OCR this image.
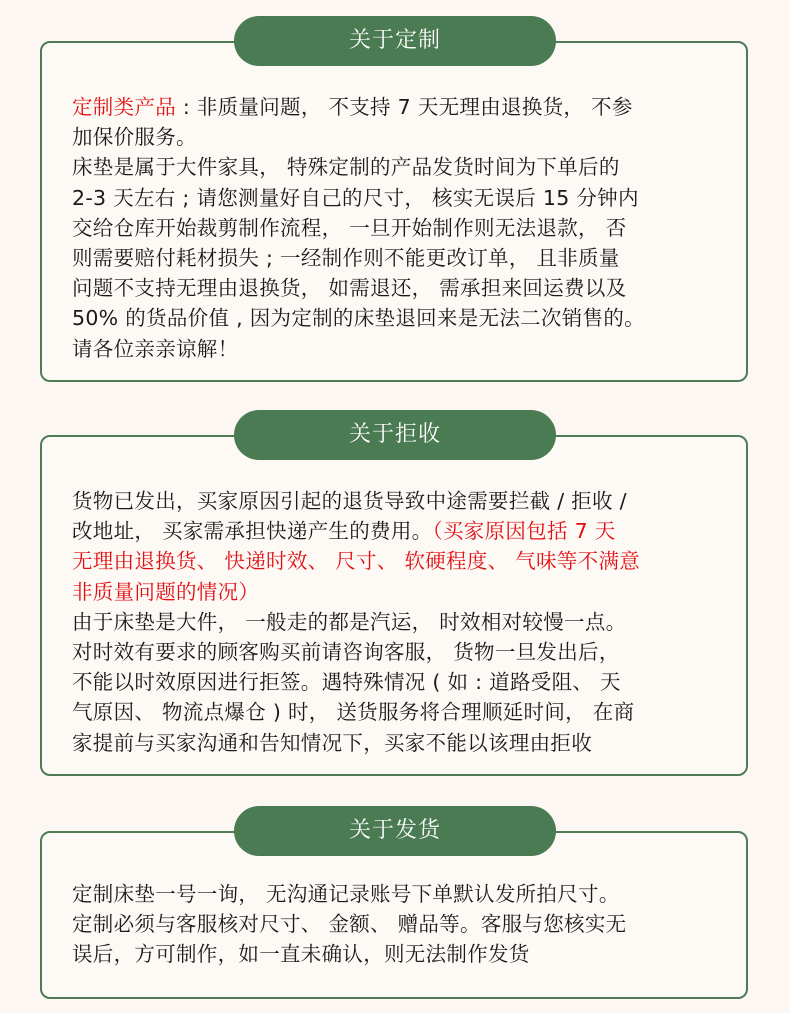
关于定制
定制类产品 : 非质量问题， 不支持 7 天无理由退换货， 不参
加保价服务。
床垫是属于大件家具， 特殊定制的产品发货时间为下单后的
2-3 天左右 ; 请您测量好自己的尺寸， 核实无误后 15 分钟内
交给仓库开始裁剪制作流程， 一旦开始制作则无法退款， 否
则需要赔付耗材损失 ; 一经制作则不能更改订单， 且非质量
问题不支持无理由退换货， 如需退还， 需承担来回运费以及
50% 的货品价值 , 因为定制的床垫退回来是无法二次销售的。
请各位亲亲谅解！
关于拒收
货物已发出，买家原因引起的退货导致中途需要拦截 / 拒收 /
改地址， 买家需承担快递产生的费用。（买家原因包括 7 天
无理由退换货、 快递时效、 尺寸、 软硬程度、 气味等不满意
非质量问题的情况）
由于床垫是大件， 一般走的都是汽运， 时效相对较慢一点。
对时效有要求的顾客购买前请咨询客服， 货物一旦发出后，
不能以时效原因进行拒签。遇特殊情况 ( 如 : 道路受阻、 天
气原因、 物流点爆仓 ) 时， 送货服务将合理顺延时间， 在商
家提前与买家沟通和告知情况下，买家不能以该理由拒收
关于发货
定制床垫一号一询， 无沟通记录账号下单默认发所拍尺寸。
定制必须与客服核对尺寸、 金额、 赠品等。客服与您核实无
误后，方可制作，如一直未确认，则无法制作发货
